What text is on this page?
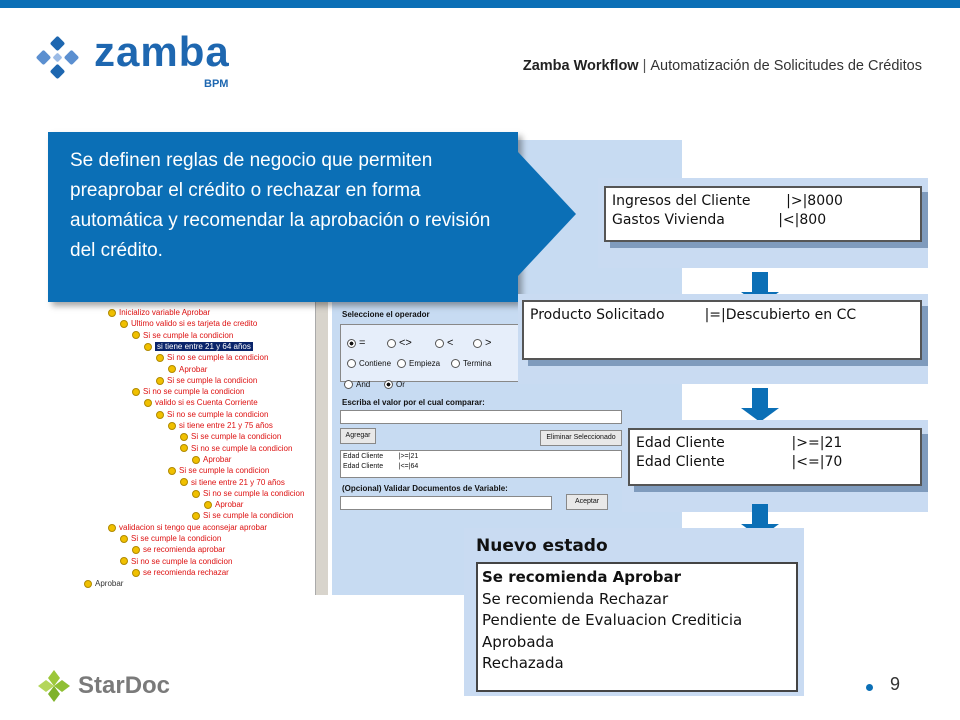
zamba
BPM
Zamba Workflow | Automatización de Solicitudes de Créditos
Inicializo variable Aprobar
Ultimo valido si es tarjeta de credito
Si se cumple la condicion
si tiene entre 21 y 64 años
Si no se cumple la condicion
Aprobar
Si se cumple la condicion
Si no se cumple la condicion
valido si es Cuenta Corriente
Si no se cumple la condicion
si tiene entre 21 y 75 años
Si se cumple la condicion
Si no se cumple la condicion
Aprobar
Si se cumple la condicion
si tiene entre 21 y 70 años
Si no se cumple la condicion
Aprobar
Si se cumple la condicion
validacion si tengo que aconsejar aprobar
Si se cumple la condicion
se recomienda aprobar
Si no se cumple la condicion
se recomienda rechazar
Aprobar
Seleccione el operador
=	<>	<	>
Contiene	Empieza	Termina
And	Or
Escriba el valor por el cual comparar:
Agregar	Eliminar Seleccionado
Edad Cliente        |>=|21
Edad Cliente        |<=|64
(Opcional) Validar Documentos de Variable:
Aceptar
Se definen reglas de negocio que permiten preaprobar el crédito o rechazar en forma automática y recomendar la aprobación o revisión del crédito.
Ingresos del Cliente        |>|8000
Gastos Vivienda            |<|800
Producto Solicitado         |=|Descubierto en CC
Edad Cliente               |>=|21
Edad Cliente               |<=|70
Nuevo estado
Se recomienda Aprobar
Se recomienda Rechazar
Pendiente de Evaluacion Crediticia
Aprobada
Rechazada
StarDoc	9
